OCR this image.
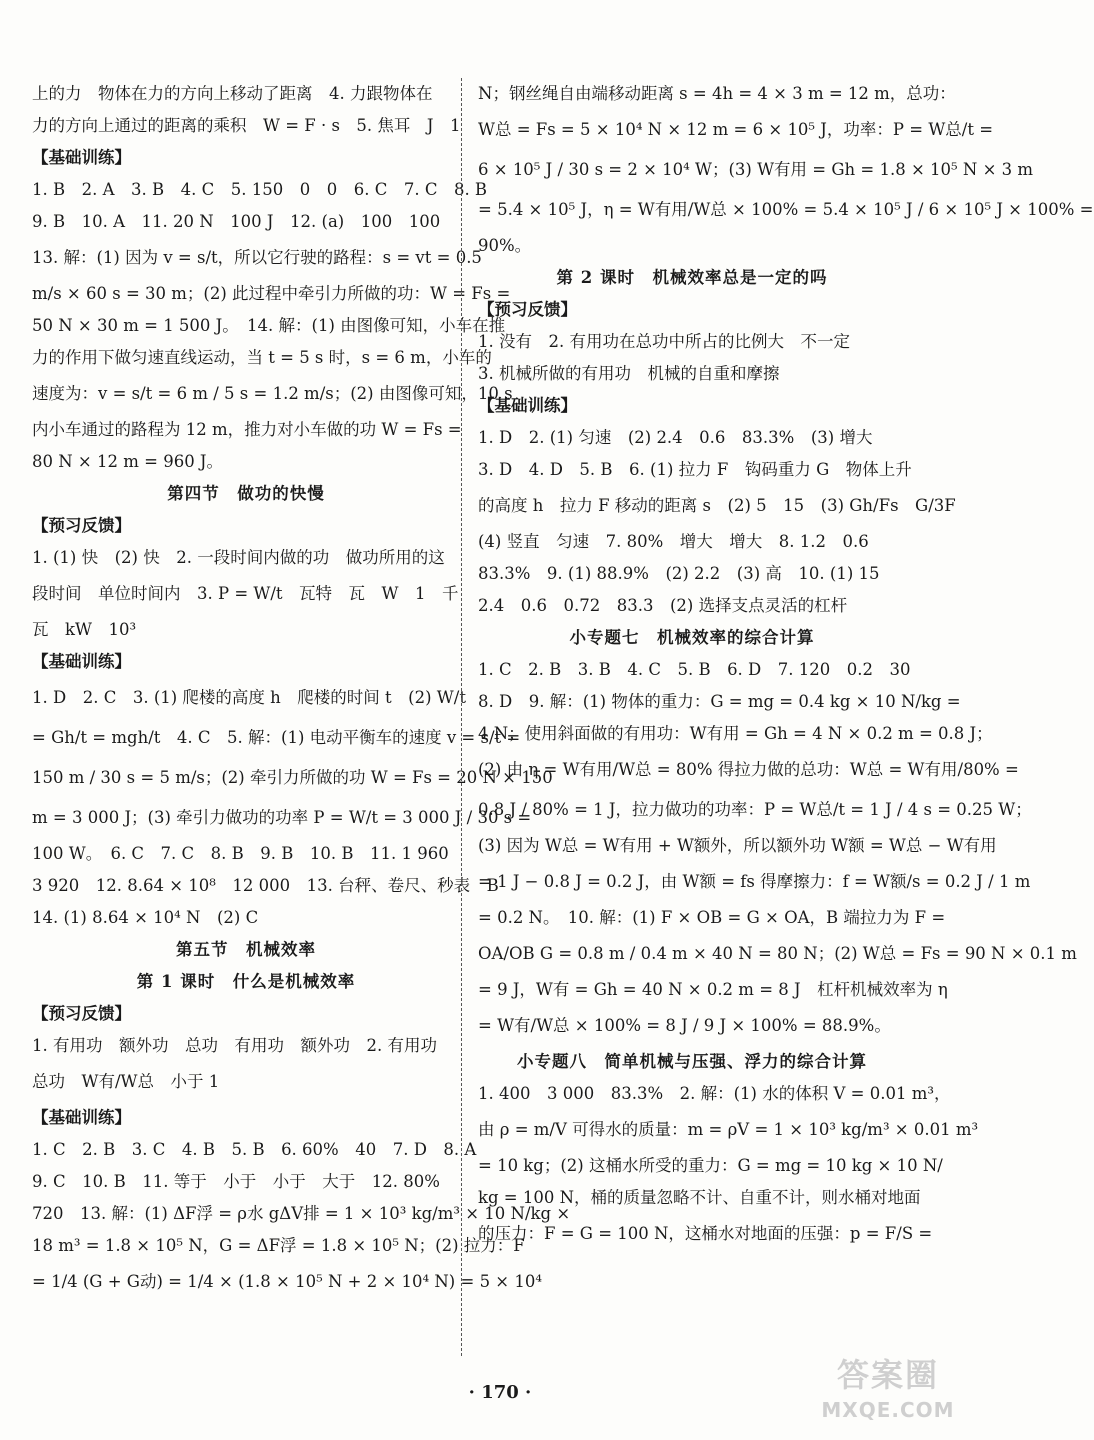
上的力　物体在力的方向上移动了距离　4. 力跟物体在
力的方向上通过的距离的乘积　W = F · s　5. 焦耳　J　1
【基础训练】
1. B　2. A　3. B　4. C　5. 150　0　0　6. C　7. C　8. B
9. B　10. A　11. 20 N　100 J　12. (a)　100　100
13. 解：(1) 因为 v = s/t，所以它行驶的路程：s = vt = 0.5
m/s × 60 s = 30 m；(2) 此过程中牵引力所做的功：W = Fs =
50 N × 30 m = 1 500 J。　14. 解：(1) 由图像可知，小车在推
力的作用下做匀速直线运动，当 t = 5 s 时，s = 6 m，小车的
速度为：v = s/t = 6 m / 5 s = 1.2 m/s；(2) 由图像可知，10 s
内小车通过的路程为 12 m，推力对小车做的功 W = Fs =
80 N × 12 m = 960 J。
第四节　做功的快慢
【预习反馈】
1. (1) 快　(2) 快　2. 一段时间内做的功　做功所用的这
段时间　单位时间内　3. P = W/t　瓦特　瓦　W　1　千
瓦　kW　10³
【基础训练】
1. D　2. C　3. (1) 爬楼的高度 h　爬楼的时间 t　(2) W/t
= Gh/t = mgh/t　4. C　5. 解：(1) 电动平衡车的速度 v = s/t =
150 m / 30 s = 5 m/s；(2) 牵引力所做的功 W = Fs = 20 N × 150
m = 3 000 J；(3) 牵引力做功的功率 P = W/t = 3 000 J / 30 s =
100 W。　6. C　7. C　8. B　9. B　10. B　11. 1 960
3 920　12. 8.64 × 10⁸　12 000　13. 台秤、卷尺、秒表　B
14. (1) 8.64 × 10⁴ N　(2) C
第五节　机械效率
第 1 课时　什么是机械效率
【预习反馈】
1. 有用功　额外功　总功　有用功　额外功　2. 有用功
总功　W有/W总　小于 1
【基础训练】
1. C　2. B　3. C　4. B　5. B　6. 60%　40　7. D　8. A
9. C　10. B　11. 等于　小于　小于　大于　12. 80%
720　13. 解：(1) ΔF浮 = ρ水 gΔV排 = 1 × 10³ kg/m³ × 10 N/kg ×
18 m³ = 1.8 × 10⁵ N，G = ΔF浮 = 1.8 × 10⁵ N；(2) 拉力：F
= 1/4 (G + G动) = 1/4 × (1.8 × 10⁵ N + 2 × 10⁴ N) = 5 × 10⁴
N；钢丝绳自由端移动距离 s = 4h = 4 × 3 m = 12 m，总功：
W总 = Fs = 5 × 10⁴ N × 12 m = 6 × 10⁵ J，功率：P = W总/t =
6 × 10⁵ J / 30 s = 2 × 10⁴ W；(3) W有用 = Gh = 1.8 × 10⁵ N × 3 m
= 5.4 × 10⁵ J，η = W有用/W总 × 100% = 5.4 × 10⁵ J / 6 × 10⁵ J × 100% =
90%。
第 2 课时　机械效率总是一定的吗
【预习反馈】
1. 没有　2. 有用功在总功中所占的比例大　不一定
3. 机械所做的有用功　机械的自重和摩擦
【基础训练】
1. D　2. (1) 匀速　(2) 2.4　0.6　83.3%　(3) 增大
3. D　4. D　5. B　6. (1) 拉力 F　钩码重力 G　物体上升
的高度 h　拉力 F 移动的距离 s　(2) 5　15　(3) Gh/Fs　G/3F
(4) 竖直　匀速　7. 80%　增大　增大　8. 1.2　0.6
83.3%　9. (1) 88.9%　(2) 2.2　(3) 高　10. (1) 15
2.4　0.6　0.72　83.3　(2) 选择支点灵活的杠杆
小专题七　机械效率的综合计算
1. C　2. B　3. B　4. C　5. B　6. D　7. 120　0.2　30
8. D　9. 解：(1) 物体的重力：G = mg = 0.4 kg × 10 N/kg =
4 N；使用斜面做的有用功：W有用 = Gh = 4 N × 0.2 m = 0.8 J；
(2) 由 η = W有用/W总 = 80% 得拉力做的总功：W总 = W有用/80% =
0.8 J / 80% = 1 J，拉力做功的功率：P = W总/t = 1 J / 4 s = 0.25 W；
(3) 因为 W总 = W有用 + W额外，所以额外功 W额 = W总 − W有用
= 1 J − 0.8 J = 0.2 J，由 W额 = fs 得摩擦力：f = W额/s = 0.2 J / 1 m
= 0.2 N。　10. 解：(1) F × OB = G × OA，B 端拉力为 F =
OA/OB G = 0.8 m / 0.4 m × 40 N = 80 N；(2) W总 = Fs = 90 N × 0.1 m
= 9 J，W有 = Gh = 40 N × 0.2 m = 8 J　杠杆机械效率为 η
= W有/W总 × 100% = 8 J / 9 J × 100% = 88.9%。
小专题八　简单机械与压强、浮力的综合计算
1. 400　3 000　83.3%　2. 解：(1) 水的体积 V = 0.01 m³，
由 ρ = m/V 可得水的质量：m = ρV = 1 × 10³ kg/m³ × 0.01 m³
= 10 kg；(2) 这桶水所受的重力：G = mg = 10 kg × 10 N/
kg = 100 N，桶的质量忽略不计、自重不计，则水桶对地面
的压力：F = G = 100 N，这桶水对地面的压强：p = F/S =
· 170 ·	答案圈
MXQE.COM
